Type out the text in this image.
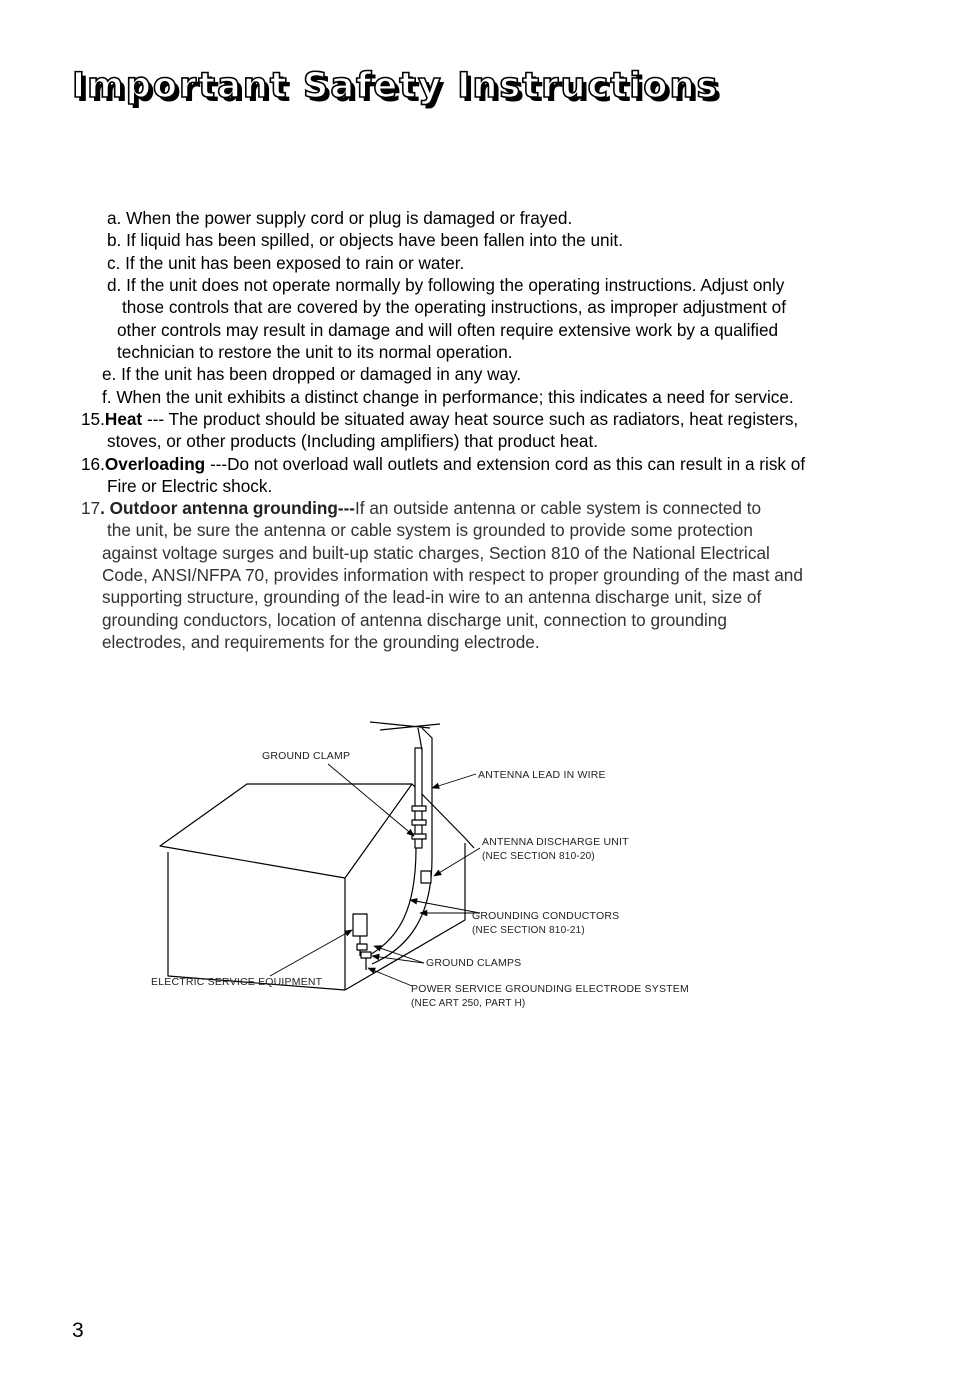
Important Safety Instructions

a. When the power supply cord or plug is damaged or frayed.

b. If liquid has been spilled, or objects have been fallen into the unit.

c. If the unit has been exposed to rain or water.

d. If the unit does not operate normally by following the operating instructions. Adjust only

those controls that are covered by the operating instructions, as improper adjustment of

other controls may result in damage and will often require extensive work by a qualified

technician to restore the unit to its normal operation.

e. If the unit has been dropped or damaged in any way.

f. When the unit exhibits a distinct change in performance; this indicates a need for service.

15.Heat --- The product should be situated away heat source such as radiators, heat registers,

stoves, or other products (Including amplifiers) that product heat.

16.Overloading ---Do not overload wall outlets and extension cord as this can result in a risk of

Fire or Electric shock.

17. Outdoor antenna grounding---If an outside antenna or cable system is connected to

the unit, be sure the antenna or cable system is grounded to provide some protection

against voltage surges and built-up static charges, Section 810 of the National Electrical

Code, ANSI/NFPA 70, provides information with respect to proper grounding of the mast and

supporting structure, grounding of the lead-in wire to an antenna discharge unit, size of

grounding conductors, location of antenna discharge unit, connection to grounding

electrodes, and requirements for the grounding electrode.

GROUND CLAMP

ANTENNA LEAD IN WIRE

ANTENNA DISCHARGE UNIT

(NEC SECTION 810-20)

GROUNDING CONDUCTORS

(NEC SECTION 810-21)

GROUND CLAMPS

ELECTRIC SERVICE EQUIPMENT

POWER SERVICE GROUNDING ELECTRODE SYSTEM

(NEC ART 250, PART H)

3
